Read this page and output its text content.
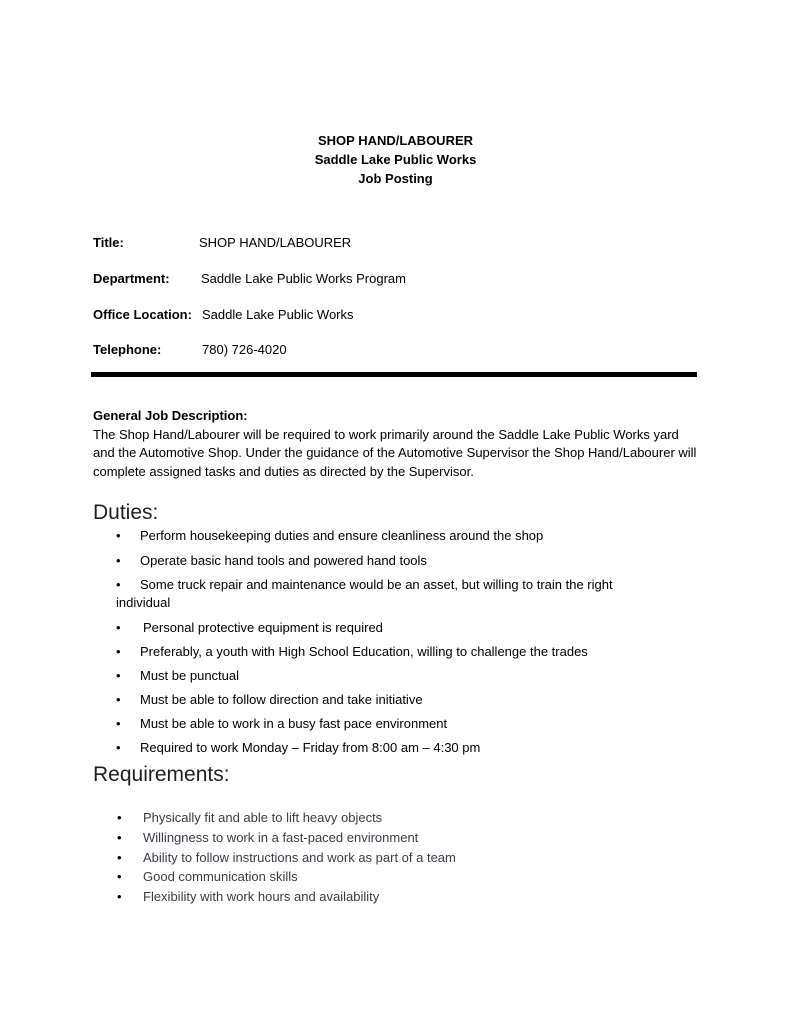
SHOP HAND/LABOURER
Saddle Lake Public Works
Job Posting
Title:	SHOP HAND/LABOURER
Department: Saddle Lake Public Works Program
Office Location: Saddle Lake Public Works
Telephone:	780) 726-4020
General Job Description:
The Shop Hand/Labourer will be required to work primarily around the Saddle Lake Public Works yard and the Automotive Shop. Under the guidance of the Automotive Supervisor the Shop Hand/Labourer will complete assigned tasks and duties as directed by the Supervisor.
Duties:
• Perform housekeeping duties and ensure cleanliness around the shop
• Operate basic hand tools and powered hand tools
• Some truck repair and maintenance would be an asset, but willing to train the right
individual
• Personal protective equipment is required
• Preferably, a youth with High School Education, willing to challenge the trades
• Must be punctual
• Must be able to follow direction and take initiative
• Must be able to work in a busy fast pace environment
• Required to work Monday – Friday from 8:00 am – 4:30 pm
Requirements:
• Physically fit and able to lift heavy objects
• Willingness to work in a fast-paced environment
• Ability to follow instructions and work as part of a team
• Good communication skills
• Flexibility with work hours and availability
